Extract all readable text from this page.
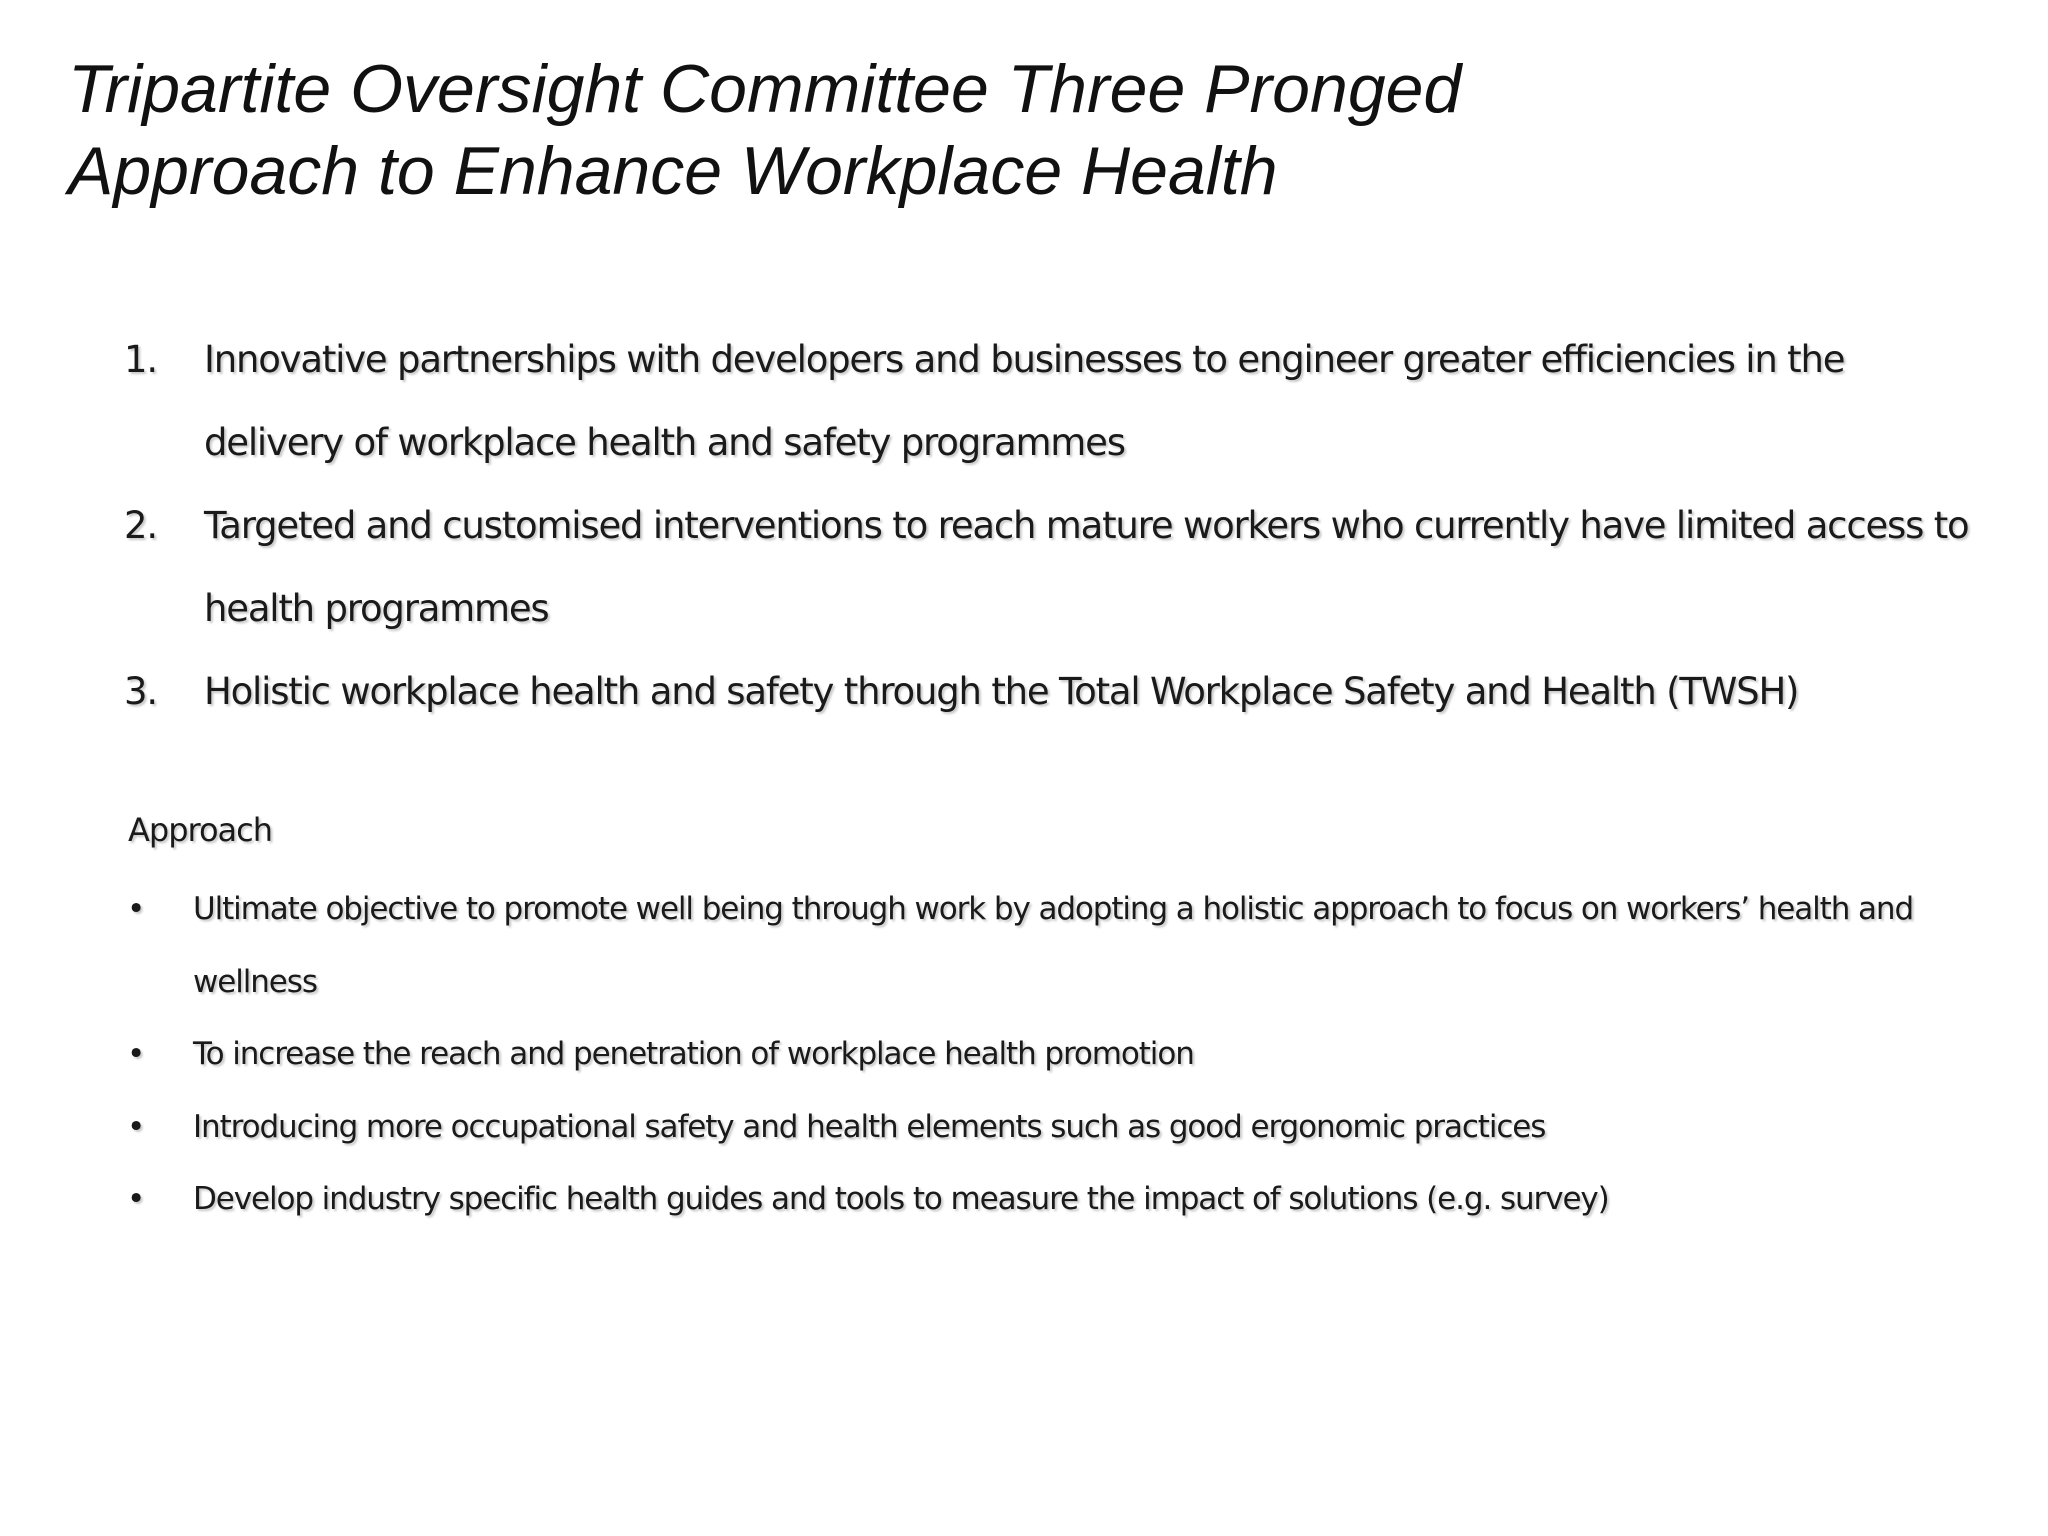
Tripartite Oversight Committee Three Pronged
Approach to Enhance Workplace Health
1.	Innovative partnerships with developers and businesses to engineer greater efficiencies in the delivery of workplace health and safety programmes
2.	Targeted and customised interventions to reach mature workers who currently have limited access to health programmes
3.	Holistic workplace health and safety through the Total Workplace Safety and Health (TWSH)
Approach
• Ultimate objective to promote well being through work by adopting a holistic approach to focus on workers’ health and wellness
• To increase the reach and penetration of workplace health promotion
• Introducing more occupational safety and health elements such as good ergonomic practices
• Develop industry specific health guides and tools to measure the impact of solutions (e.g. survey)
